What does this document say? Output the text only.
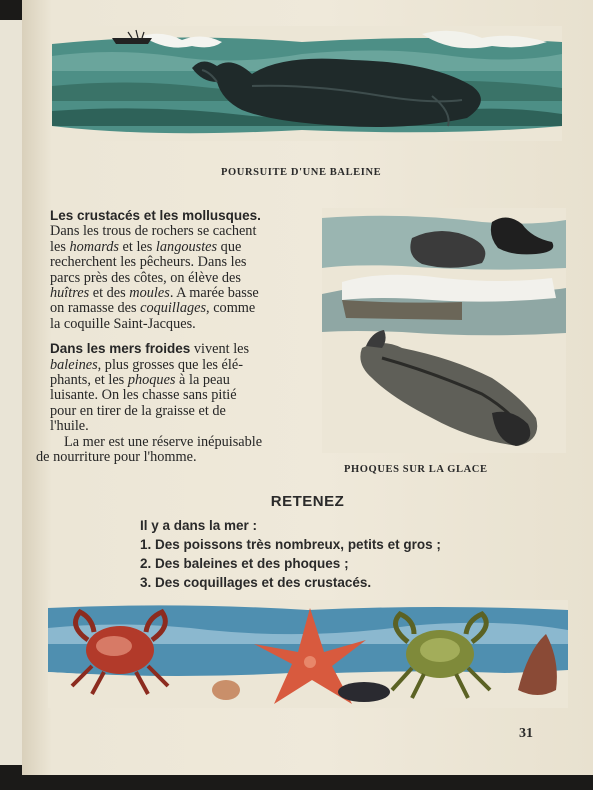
POURSUITE D'UNE BALEINE
PHOQUES SUR LA GLACE

Les crustacés et les mollusques.
Dans les trous de rochers se cachent
les homards et les langoustes que
recherchent les pêcheurs. Dans les
parcs près des côtes, on élève des
huîtres et des moules. A marée basse
on ramasse des coquillages, comme
la coquille Saint-Jacques.

Dans les mers froides vivent les
baleines, plus grosses que les élé-
phants, et les phoques à la peau
luisante. On les chasse sans pitié
pour en tirer de la graisse et de
l'huile.

La mer est une réserve inépuisable
de nourriture pour l'homme.

RETENEZ
Il y a dans la mer :
1. Des poissons très nombreux, petits et gros ;
2. Des baleines et des phoques ;
3. Des coquillages et des crustacés.
31
